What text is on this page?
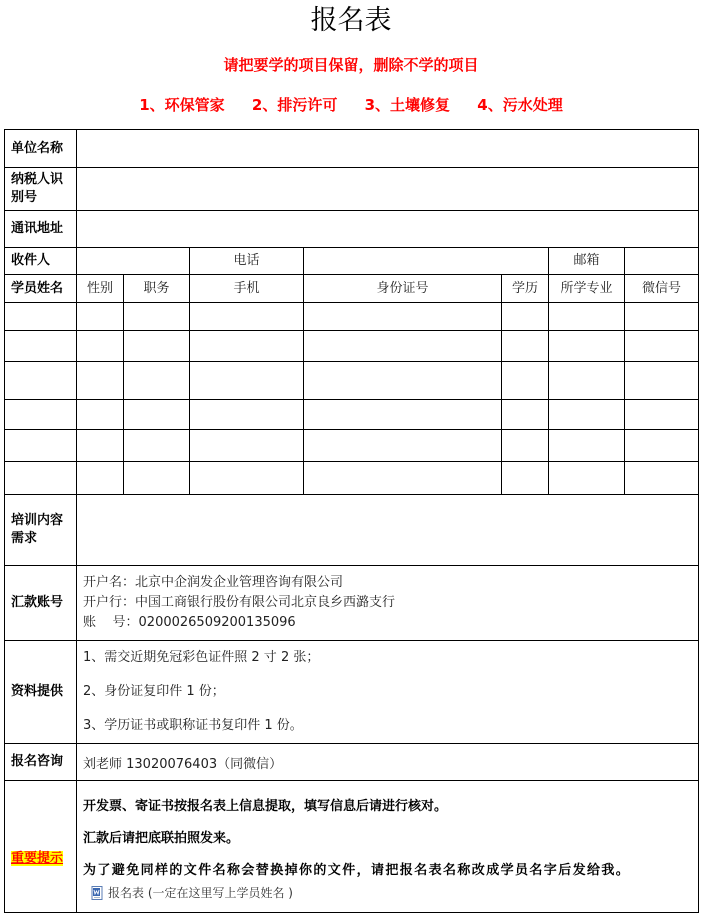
报名表
请把要学的项目保留，删除不学的项目
1、环保管家 2、排污许可 3、土壤修复 4、污水处理
单位名称							
纳税人识别号							
通讯地址							
收件人			电话			邮箱	
学员姓名	性别	职务	手机	身份证号	学历	所学专业	微信号

培训内容需求							
汇款账号	开户名：北京中企润发企业管理咨询有限公司
开户行：中国工商银行股份有限公司北京良乡西潞支行
账    号：0200026509200135096						

资料提供	1、需交近期免冠彩色证件照 2 寸 2 张；
2、身份证复印件 1 份；
3、学历证书或职称证书复印件 1 份。						

报名咨询	刘老师 13020076403（同微信）						
重要提示	开发票、寄证书按报名表上信息提取，填写信息后请进行核对。
汇款后请把底联拍照发来。
为了避免同样的文件名称会替换掉你的文件，请把报名表名称改成学员名字后发给我。
报名表 (一定在这里写上学员姓名 )						
